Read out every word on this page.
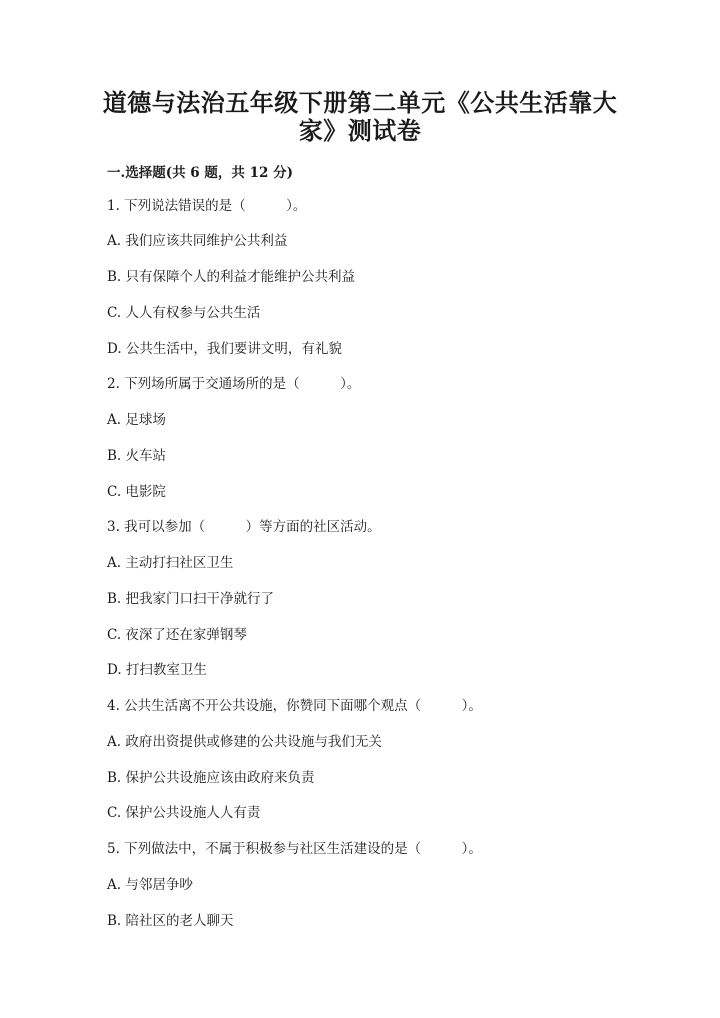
道德与法治五年级下册第二单元《公共生活靠大
家》测试卷
一.选择题(共 6 题，共 12 分)
1. 下列说法错误的是（　　　）。
A. 我们应该共同维护公共利益
B. 只有保障个人的利益才能维护公共利益
C. 人人有权参与公共生活
D. 公共生活中，我们要讲文明，有礼貌
2. 下列场所属于交通场所的是（　　　）。
A. 足球场
B. 火车站
C. 电影院
3. 我可以参加（　　　）等方面的社区活动。
A. 主动打扫社区卫生
B. 把我家门口扫干净就行了
C. 夜深了还在家弹钢琴
D. 打扫教室卫生
4. 公共生活离不开公共设施，你赞同下面哪个观点（　　　）。
A. 政府出资提供或修建的公共设施与我们无关
B. 保护公共设施应该由政府来负责
C. 保护公共设施人人有责
5. 下列做法中，不属于积极参与社区生活建设的是（　　　）。
A. 与邻居争吵
B. 陪社区的老人聊天
